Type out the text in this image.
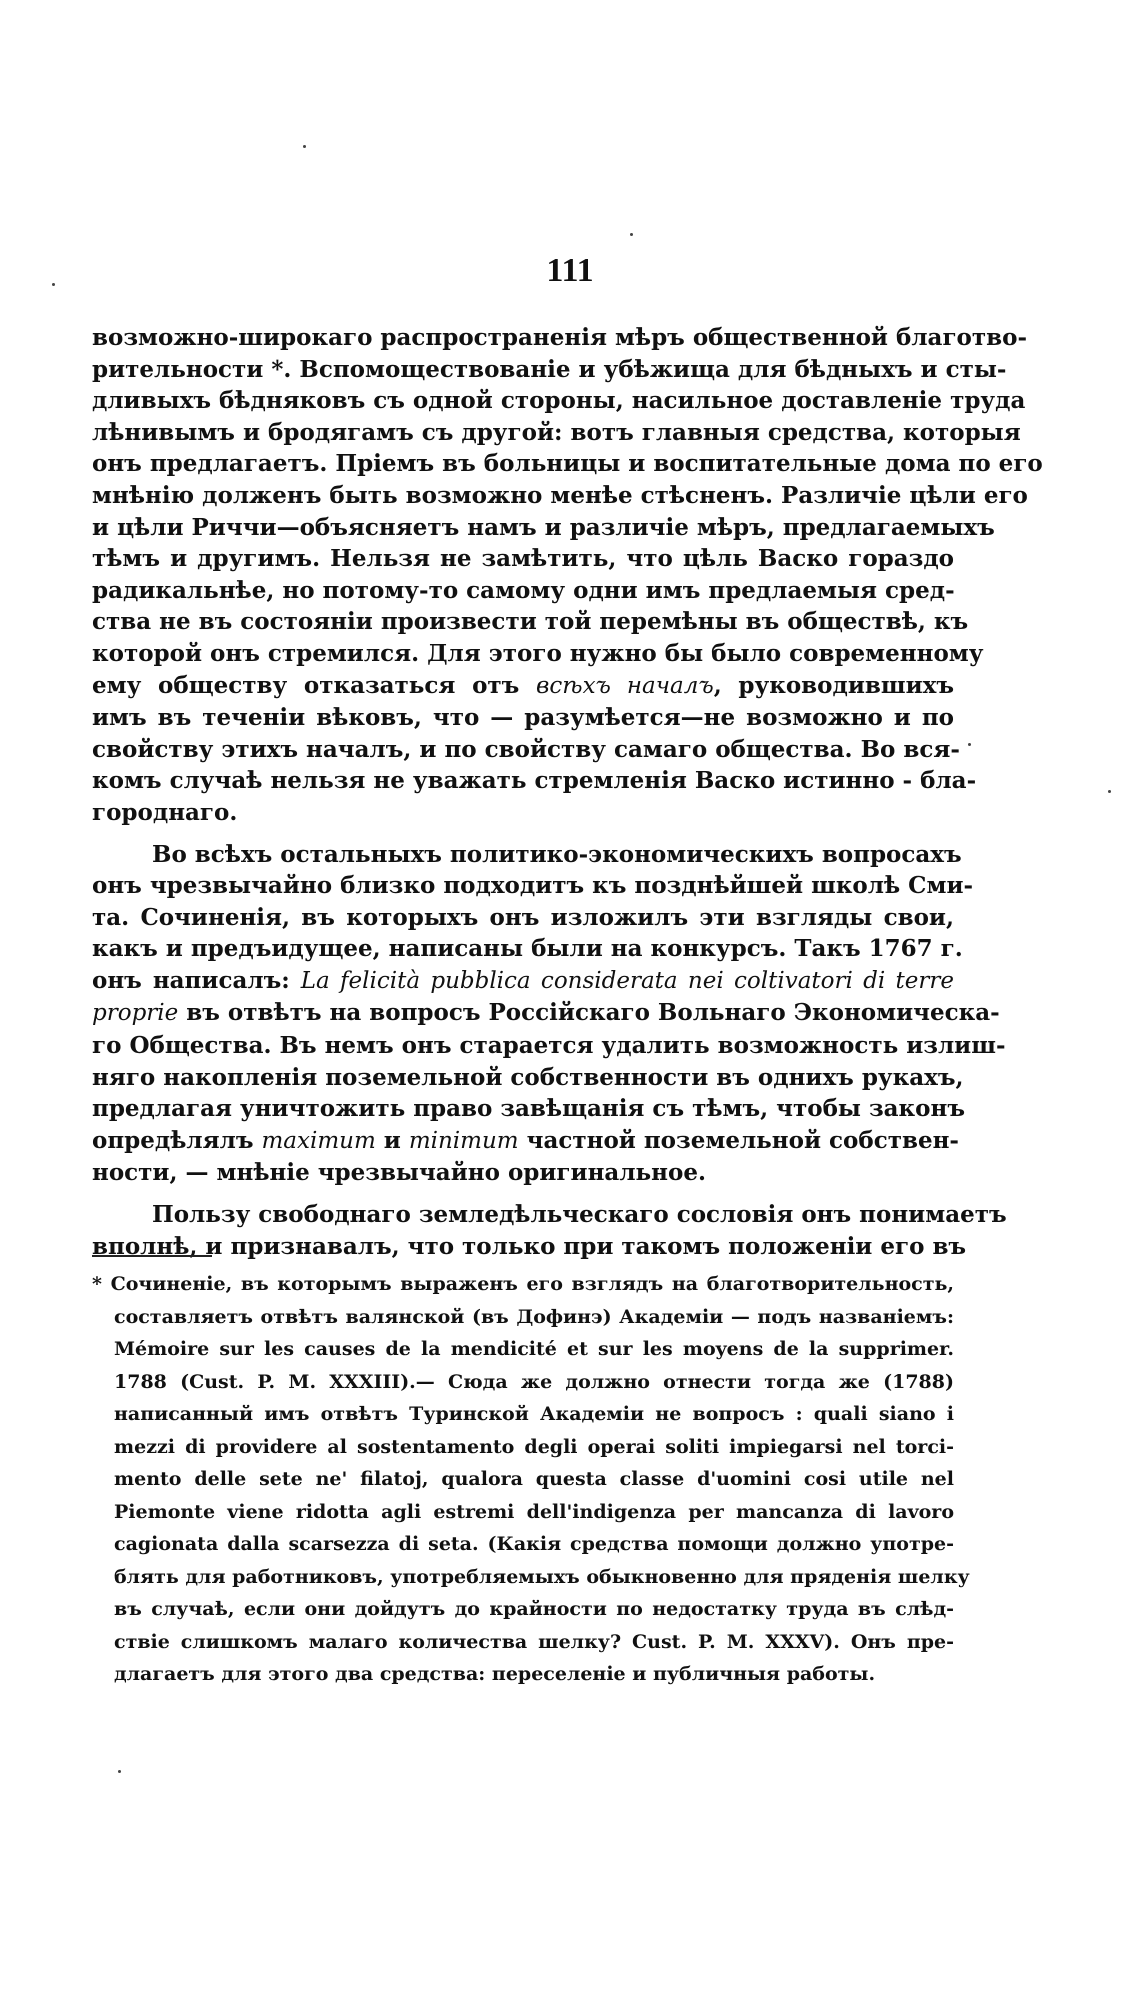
111
возможно-широкаго распространенія мѣръ общественной благотво-
рительности *. Вспомоществованіе и убѣжища для бѣдныхъ и сты-
дливыхъ бѣдняковъ съ одной стороны, насильное доставленіе труда
лѣнивымъ и бродягамъ съ другой: вотъ главныя средства, которыя
онъ предлагаетъ. Пріемъ въ больницы и воспитательные дома по его
мнѣнію долженъ быть возможно менѣе стѣсненъ. Различіе цѣли его
и цѣли Риччи—объясняетъ намъ и различіе мѣръ, предлагаемыхъ
тѣмъ и другимъ. Нельзя не замѣтить, что цѣль Васко гораздо
радикальнѣе, но потому-то самому одни имъ предлаемыя сред-
ства не въ состояніи произвести той перемѣны въ обществѣ, къ
которой онъ стремился. Для этого нужно бы было современному
ему обществу отказаться отъ всѣхъ началъ, руководившихъ
имъ въ теченіи вѣковъ, что — разумѣется—не возможно и по
свойству этихъ началъ, и по свойству самаго общества. Во вся-
комъ случаѣ нельзя не уважать стремленія Васко истинно - бла-
городнаго.
Во всѣхъ остальныхъ политико-экономическихъ вопросахъ
онъ чрезвычайно близко подходитъ къ позднѣйшей школѣ Сми-
та. Сочиненія, въ которыхъ онъ изложилъ эти взгляды свои,
какъ и предъидущее, написаны были на конкурсъ. Такъ 1767 г.
онъ написалъ: La felicità pubblica considerata nei coltivatori di terre
proprie въ отвѣтъ на вопросъ Россійскаго Вольнаго Экономическа-
го Общества. Въ немъ онъ старается удалить возможность излиш-
няго накопленія поземельной собственности въ однихъ рукахъ,
предлагая уничтожить право завѣщанія съ тѣмъ, чтобы законъ
опредѣлялъ maximum и minimum частной поземельной собствен-
ности, — мнѣніе чрезвычайно оригинальное.
Пользу свободнаго земледѣльческаго сословія онъ понимаетъ
вполнѣ, и признавалъ, что только при такомъ положеніи его въ
* Сочиненіе, въ которымъ выраженъ его взглядъ на благотворительность,
составляетъ отвѣтъ валянской (въ Дофинэ) Академіи — подъ названіемъ:
Mémoire sur les causes de la mendicité et sur les moyens de la supprimer.
1788 (Cust. P. M. XXXIII).— Сюда же должно отнести тогда же (1788)
написанный имъ отвѣтъ Туринской Академіи не вопросъ : quali siano i
mezzi di providere al sostentamento degli operai soliti impiegarsi nel torci-
mento delle sete ne' filatoj, qualora questa classe d'uomini cosi utile nel
Piemonte viene ridotta agli estremi dell'indigenza per mancanza di lavoro
cagionata dalla scarsezza di seta. (Какія средства помощи должно употре-
блять для работниковъ, употребляемыхъ обыкновенно для пряденія шелку
въ случаѣ, если они дойдутъ до крайности по недостатку труда въ слѣд-
ствіе слишкомъ малаго количества шелку? Cust. P. M. XXXV). Онъ пре-
длагаетъ для этого два средства: переселеніе и публичныя работы.
